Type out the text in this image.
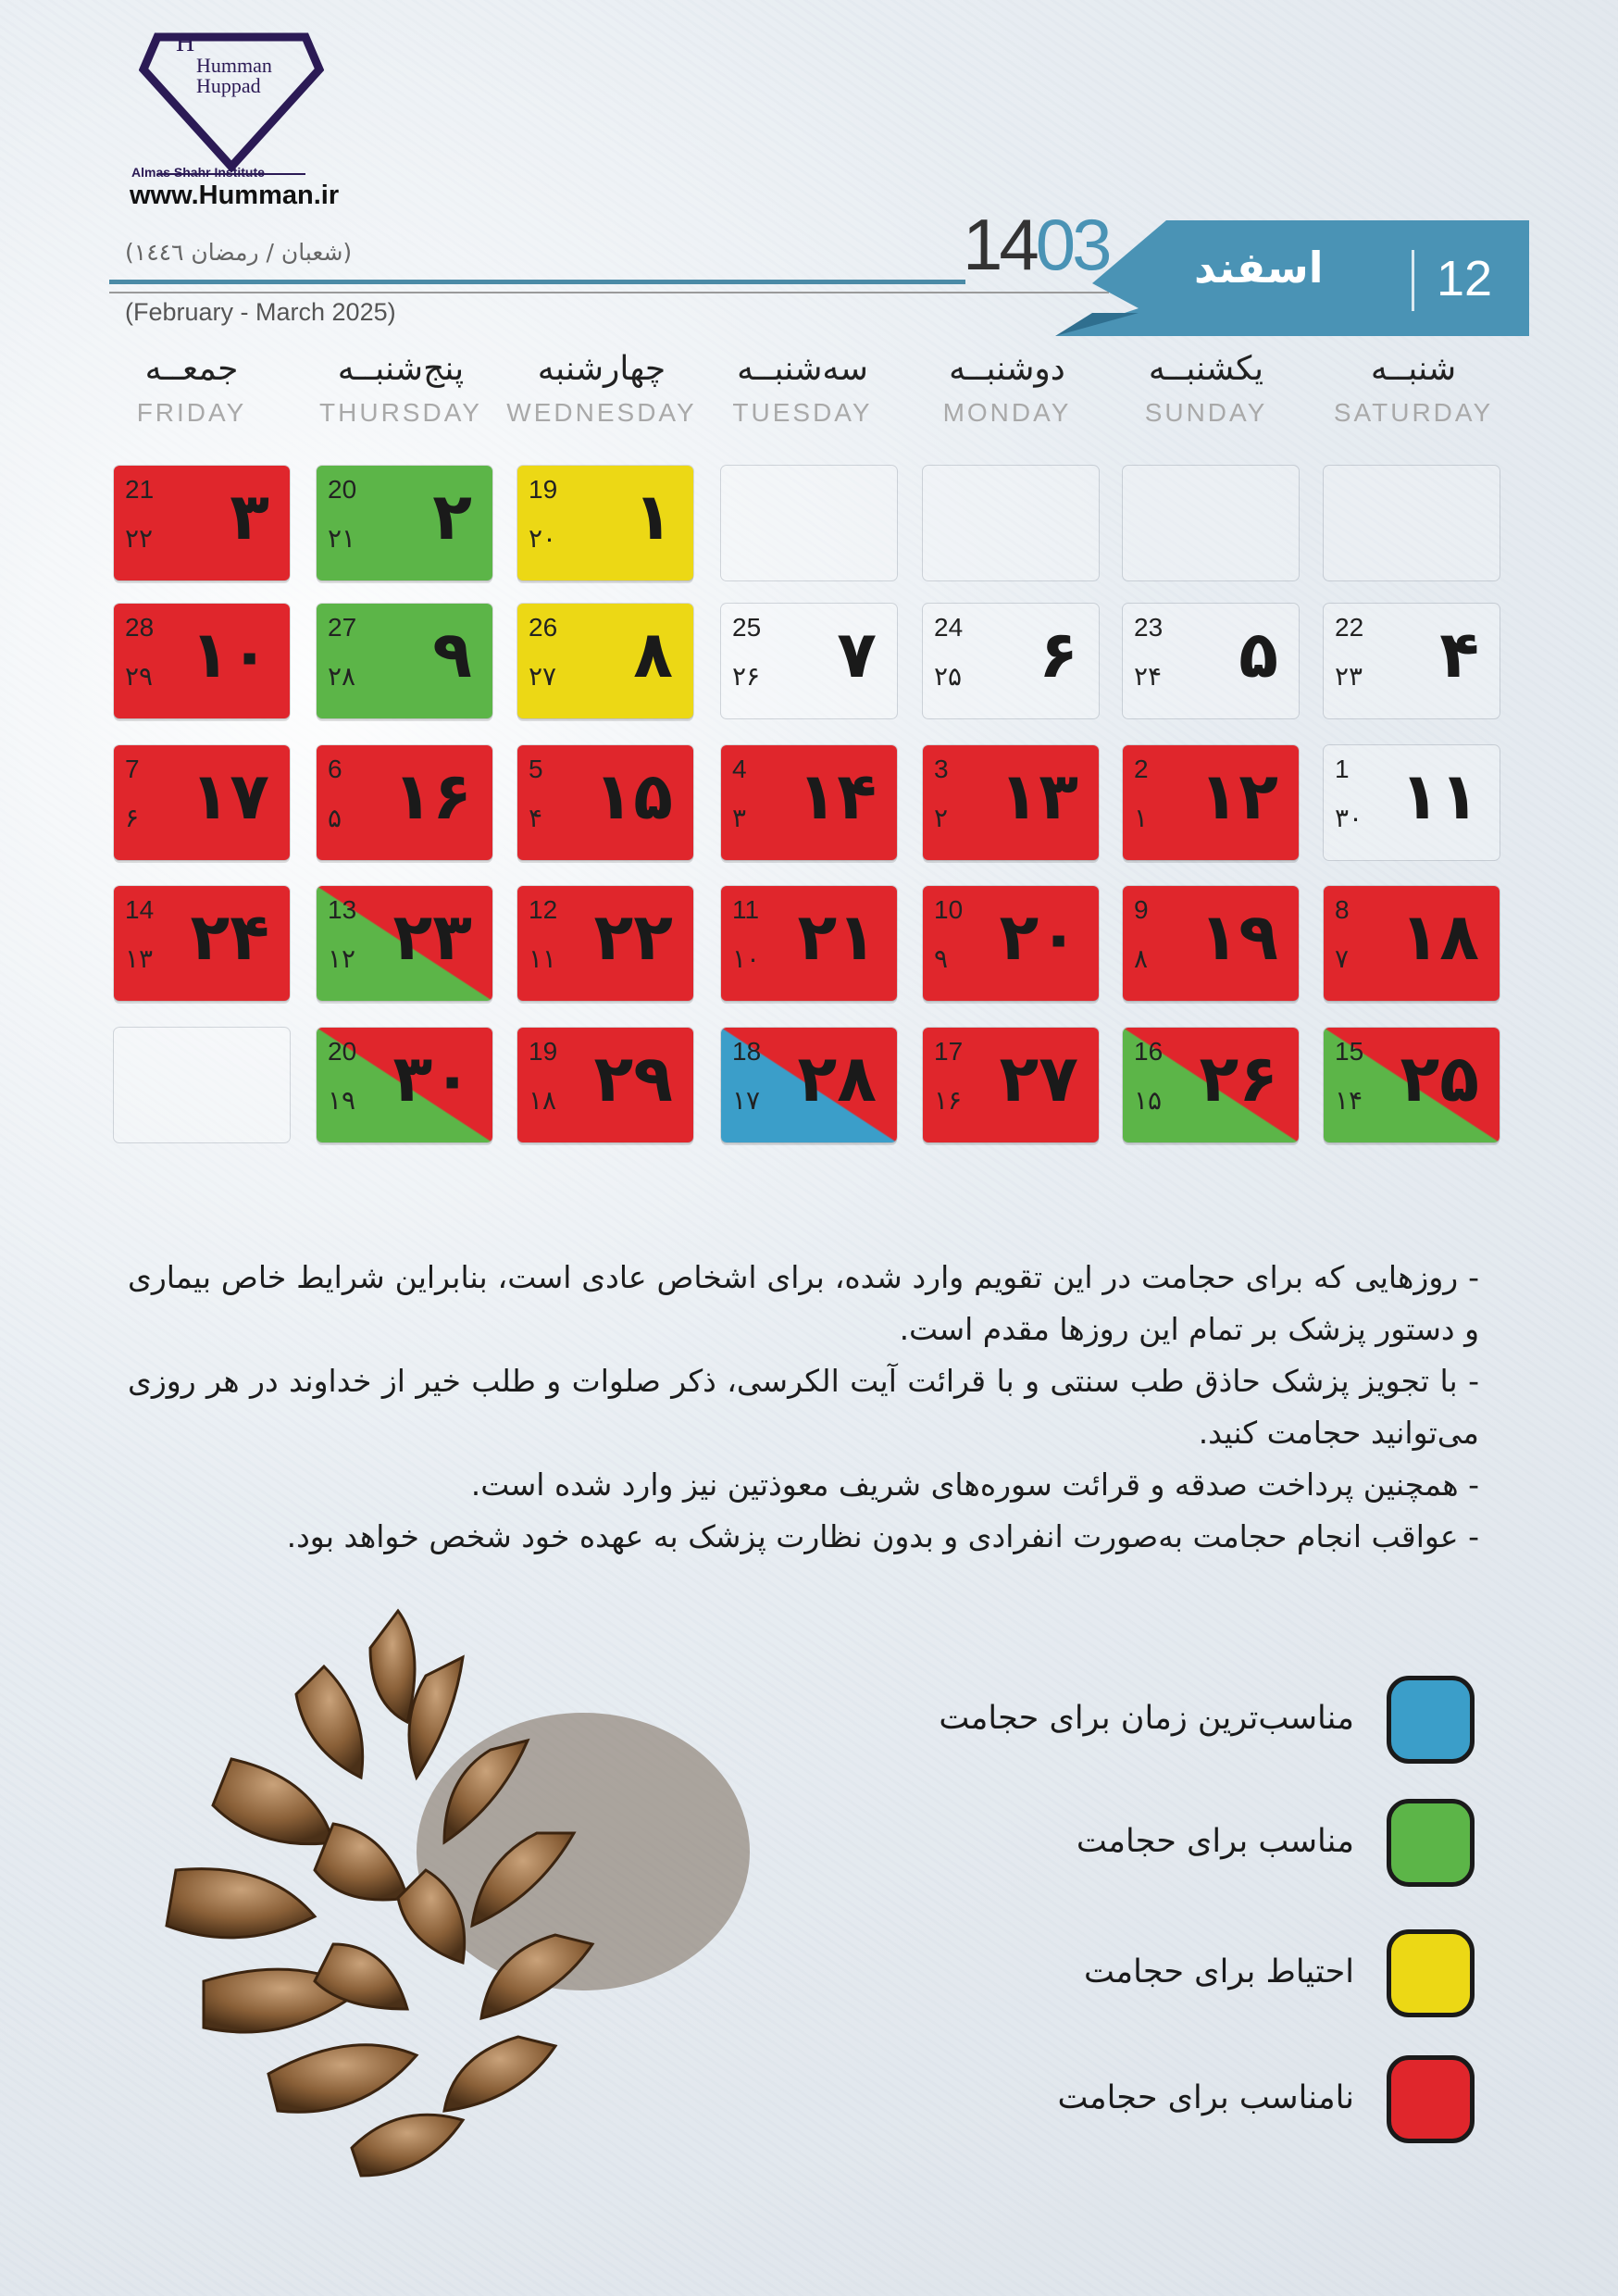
Humman
Huppad
H
Almas Shahr Institute
www.Humman.ir
(شعبان / رمضان ١٤٤٦)
(February - March 2025)
1403 اسفند 12
شنبــه
SATURDAY
یکشنبــه
SUNDAY
دوشنبــه
MONDAY
سه‌شنبــه
TUESDAY
چهارشنبه
WEDNESDAY
پنج‌شنبــه
THURSDAY
جمعــه
FRIDAY
19
۲۰ ۱
20
۲۱ ۲
21
۲۲ ۳
22
۲۳ ۴
23
۲۴ ۵
24
۲۵ ۶
25
۲۶ ۷
26
۲۷ ۸
27
۲۸ ۹
28
۲۹ ۱۰
1
۳۰ ۱۱
2
۱ ۱۲
3
۲ ۱۳
4
۳ ۱۴
5
۴ ۱۵
6
۵ ۱۶
7
۶ ۱۷
8
۷ ۱۸
9
۸ ۱۹
10
۹ ۲۰
11
۱۰ ۲۱
12
۱۱ ۲۲
13
۱۲ ۲۳
14
۱۳ ۲۴
15
۱۴ ۲۵
16
۱۵ ۲۶
17
۱۶ ۲۷
18
۱۷ ۲۸
19
۱۸ ۲۹
20
۱۹ ۳۰

- روزهایی که برای حجامت در این تقویم وارد شده، برای اشخاص عادی است، بنابراین شرایط خاص بیماری و دستور پزشک بر تمام این روزها مقدم است.

- با تجویز پزشک حاذق طب سنتی و با قرائت آیت الکرسی، ذکر صلوات و طلب خیر از خداوند در هر روزی می‌توانید حجامت کنید.

- همچنین پرداخت صدقه و قرائت سوره‌های شریف معوذتین نیز وارد شده است.

- عواقب انجام حجامت به‌صورت انفرادی و بدون نظارت پزشک به عهده خود شخص خواهد بود.

مناسب‌ترین زمان برای حجامت
مناسب برای حجامت
احتیاط برای حجامت
نامناسب برای حجامت
